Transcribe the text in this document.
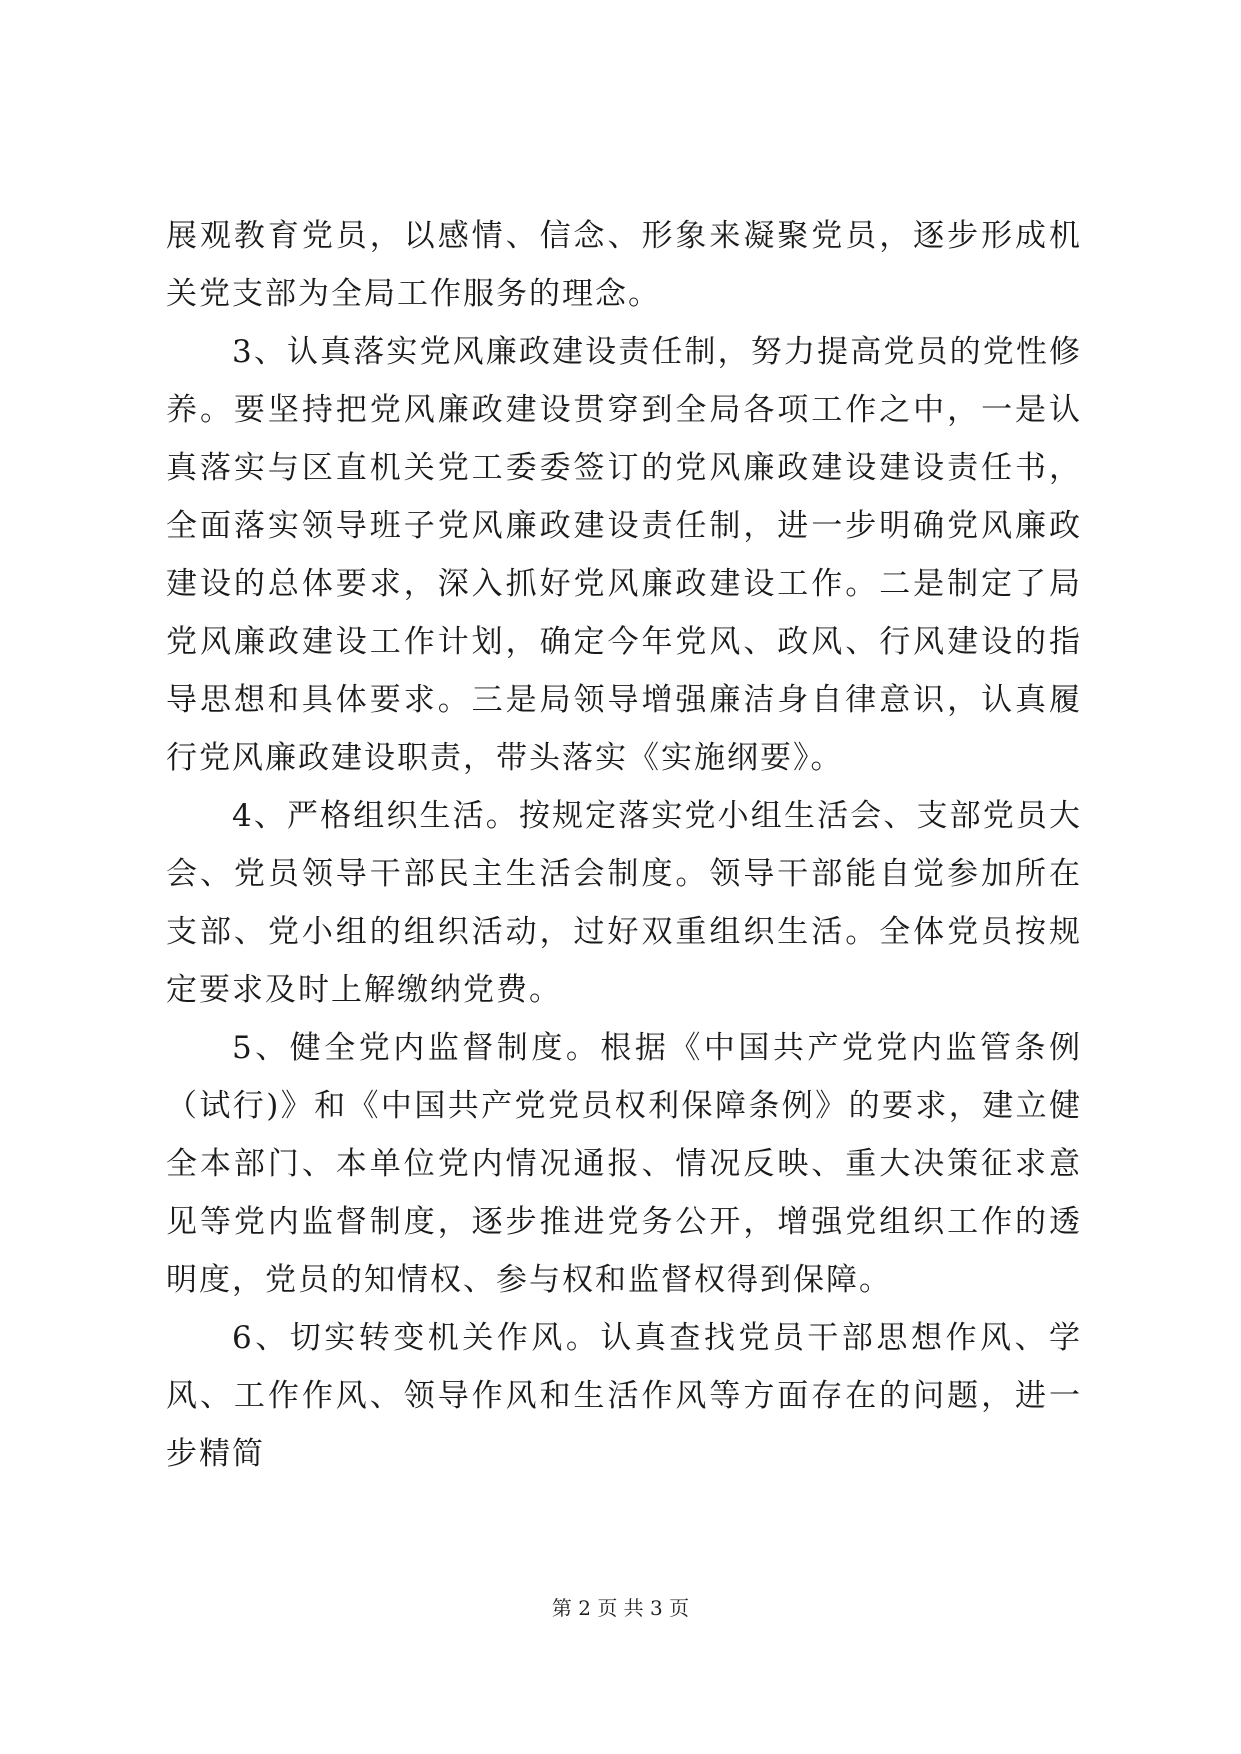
展观教育党员，以感情、信念、形象来凝聚党员，逐步形成机关党支部为全局工作服务的理念。

3、认真落实党风廉政建设责任制，努力提高党员的党性修养。要坚持把党风廉政建设贯穿到全局各项工作之中，一是认真落实与区直机关党工委委签订的党风廉政建设建设责任书，全面落实领导班子党风廉政建设责任制，进一步明确党风廉政建设的总体要求，深入抓好党风廉政建设工作。二是制定了局党风廉政建设工作计划，确定今年党风、政风、行风建设的指导思想和具体要求。三是局领导增强廉洁身自律意识，认真履行党风廉政建设职责，带头落实《实施纲要》。

4、严格组织生活。按规定落实党小组生活会、支部党员大会、党员领导干部民主生活会制度。领导干部能自觉参加所在支部、党小组的组织活动，过好双重组织生活。全体党员按规定要求及时上解缴纳党费。

5、健全党内监督制度。根据《中国共产党党内监管条例（试行)》和《中国共产党党员权利保障条例》的要求，建立健全本部门、本单位党内情况通报、情况反映、重大决策征求意见等党内监督制度，逐步推进党务公开，增强党组织工作的透明度，党员的知情权、参与权和监督权得到保障。

6、切实转变机关作风。认真查找党员干部思想作风、学风、工作作风、领导作风和生活作风等方面存在的问题，进一步精简

第 2 页 共 3 页
